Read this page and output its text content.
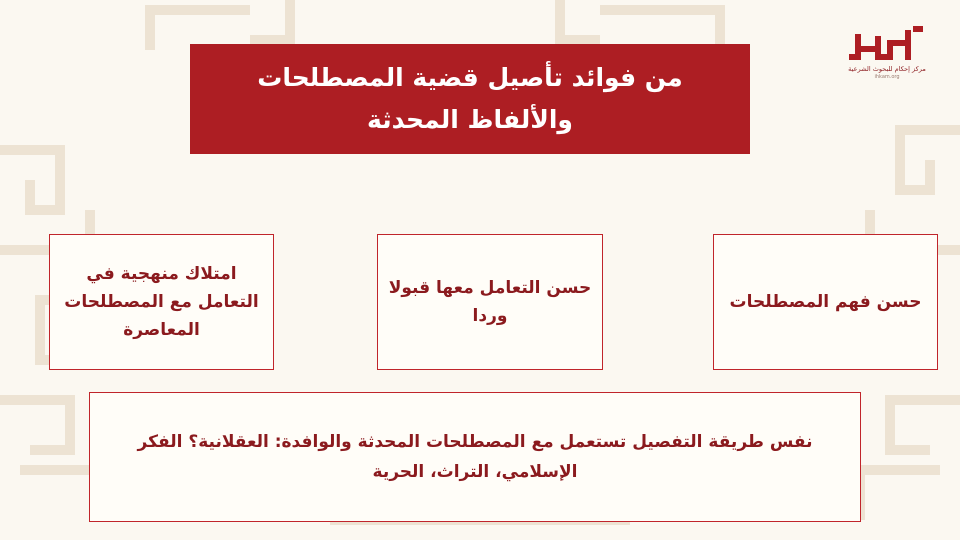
مركز إحكام للبحوث الشرعية
ihkam.org
من فوائد تأصيل قضية المصطلحات والألفاظ المحدثة
امتلاك منهجية في التعامل مع المصطلحات المعاصرة
حسن التعامل معها قبولا وردا
حسن فهم المصطلحات
نفس طريقة التفصيل تستعمل مع المصطلحات المحدثة والوافدة: العقلانية؟ الفكر الإسلامي، التراث، الحرية
